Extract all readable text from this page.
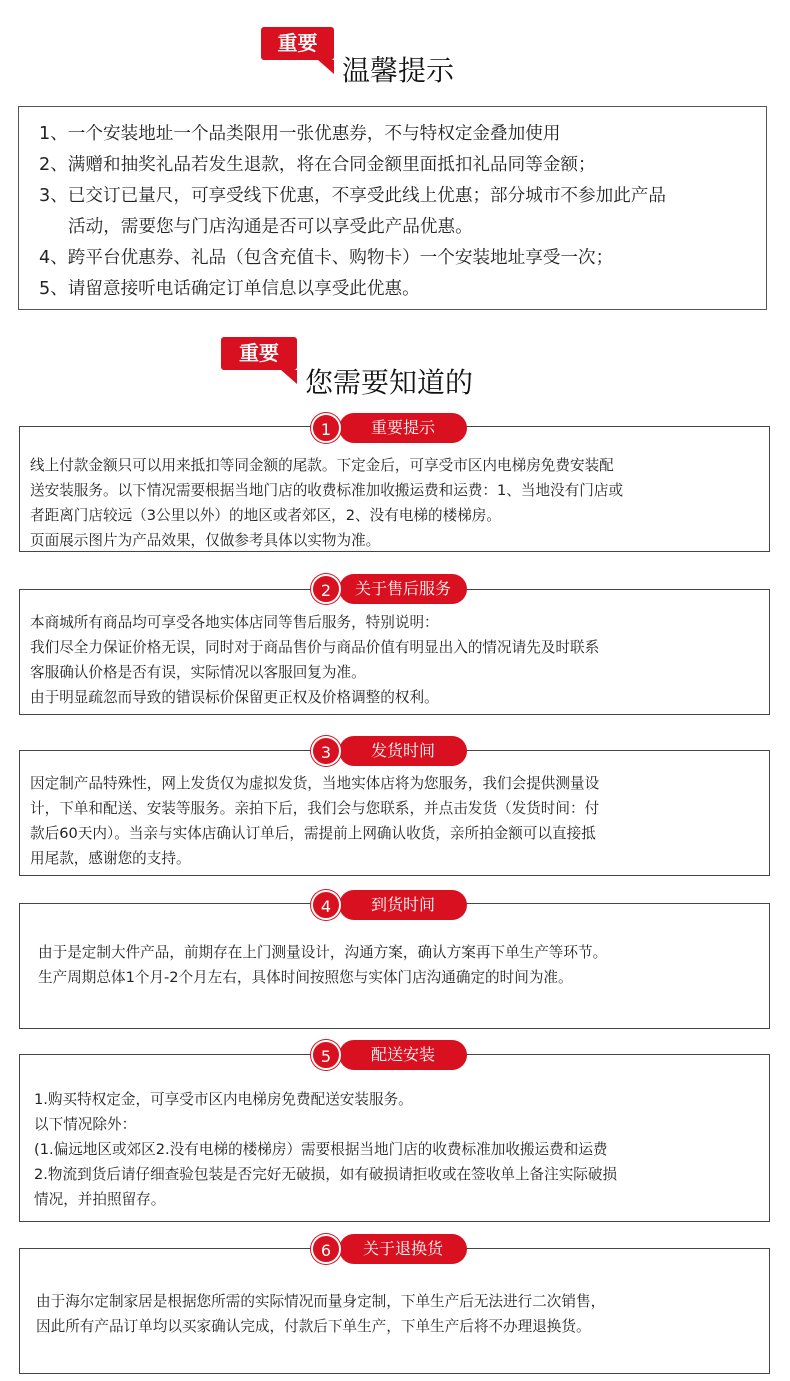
重要
温馨提示
1、一个安装地址一个品类限用一张优惠券，不与特权定金叠加使用
2、满赠和抽奖礼品若发生退款，将在合同金额里面抵扣礼品同等金额；
3、已交订已量尺，可享受线下优惠，不享受此线上优惠；部分城市不参加此产品
活动，需要您与门店沟通是否可以享受此产品优惠。
4、跨平台优惠券、礼品（包含充值卡、购物卡）一个安装地址享受一次；
5、请留意接听电话确定订单信息以享受此优惠。
重要
您需要知道的

线上付款金额只可以用来抵扣等同金额的尾款。下定金后，可享受市区内电梯房免费安装配

送安装服务。以下情况需要根据当地门店的收费标准加收搬运费和运费：1、当地没有门店或

者距离门店较远（3公里以外）的地区或者郊区，2、没有电梯的楼梯房。

页面展示图片为产品效果，仅做参考具体以实物为准。

重要提示
1

本商城所有商品均可享受各地实体店同等售后服务，特别说明：

我们尽全力保证价格无误，同时对于商品售价与商品价值有明显出入的情况请先及时联系

客服确认价格是否有误，实际情况以客服回复为准。

由于明显疏忽而导致的错误标价保留更正权及价格调整的权利。

关于售后服务
2

因定制产品特殊性，网上发货仅为虚拟发货，当地实体店将为您服务，我们会提供测量设

计，下单和配送、安装等服务。亲拍下后，我们会与您联系，并点击发货（发货时间：付

款后60天内）。当亲与实体店确认订单后，需提前上网确认收货，亲所拍金额可以直接抵

用尾款，感谢您的支持。

发货时间
3

由于是定制大件产品，前期存在上门测量设计，沟通方案，确认方案再下单生产等环节。

生产周期总体1个月-2个月左右，具体时间按照您与实体门店沟通确定的时间为准。

到货时间
4

1.购买特权定金，可享受市区内电梯房免费配送安装服务。

以下情况除外：

(1.偏远地区或郊区2.没有电梯的楼梯房）需要根据当地门店的收费标准加收搬运费和运费

2.物流到货后请仔细查验包装是否完好无破损，如有破损请拒收或在签收单上备注实际破损

情况，并拍照留存。

配送安装
5

由于海尔定制家居是根据您所需的实际情况而量身定制，下单生产后无法进行二次销售，

因此所有产品订单均以买家确认完成，付款后下单生产，下单生产后将不办理退换货。

关于退换货
6
